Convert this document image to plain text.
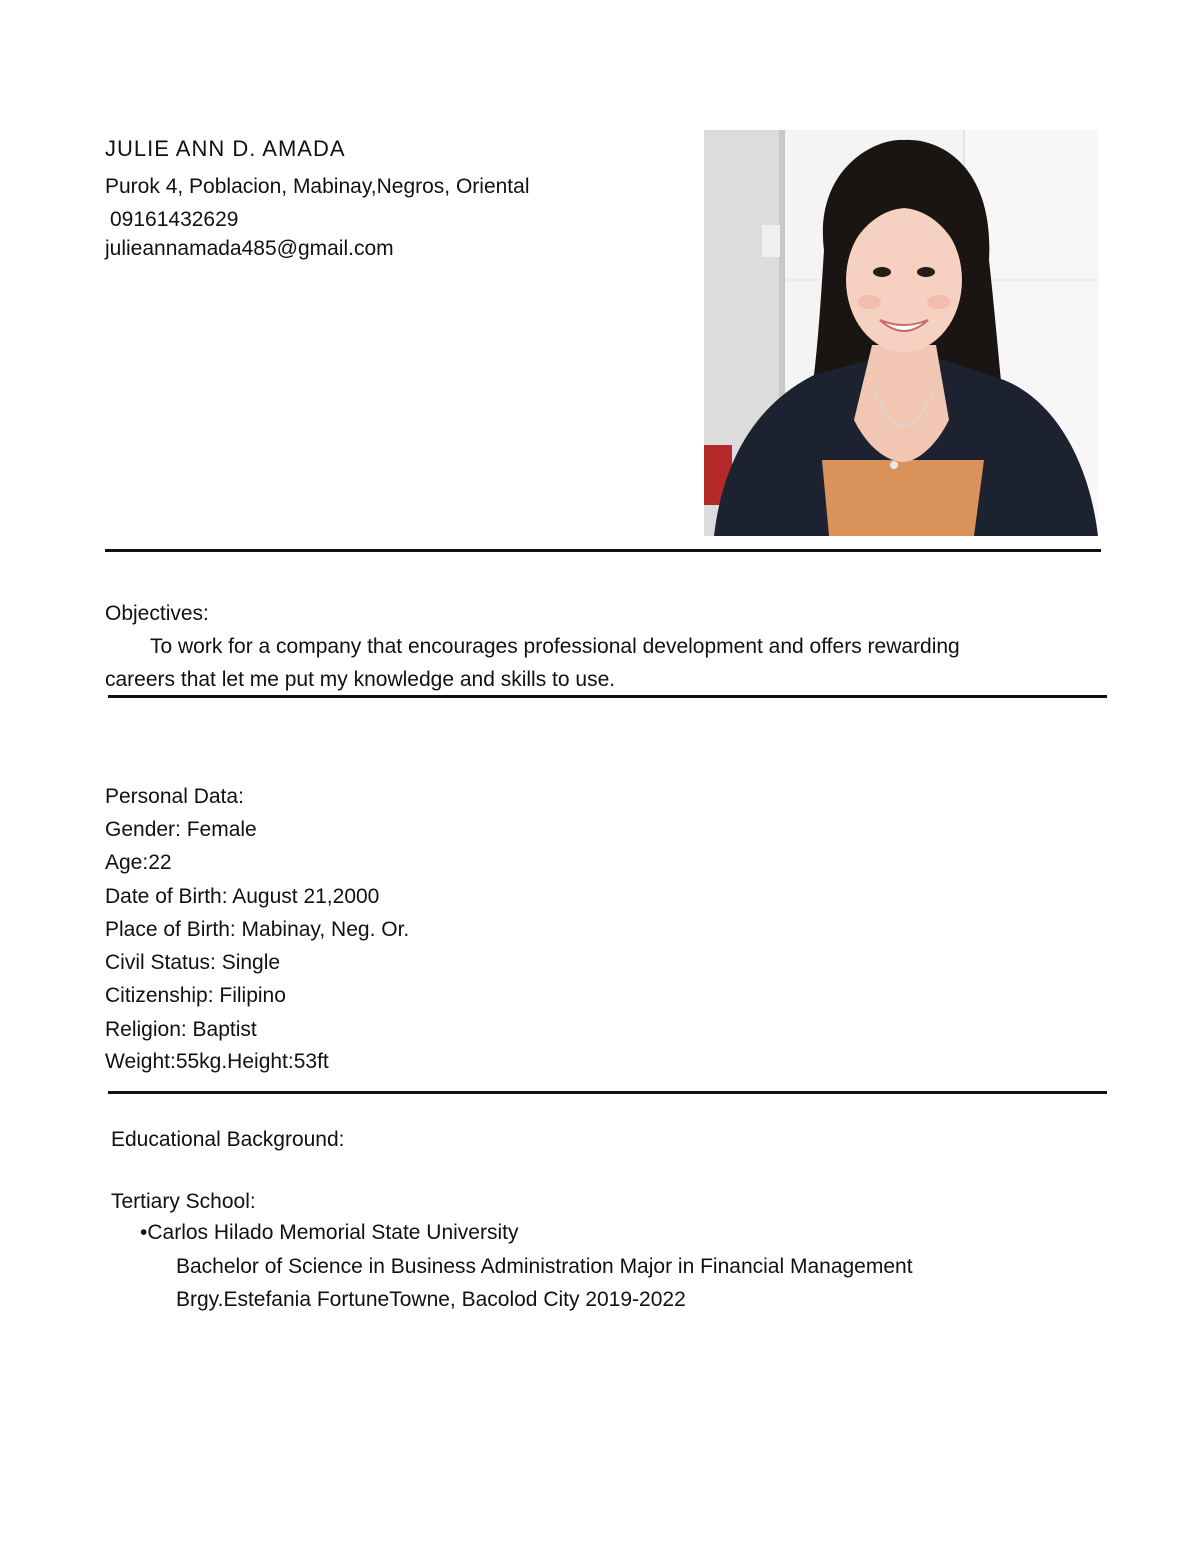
JULIE ANN D. AMADA
Purok 4, Poblacion, Mabinay,Negros, Oriental
09161432629
julieannamada485@gmail.com
Objectives:
To work for a company that encourages professional development and offers rewarding
careers that let me put my knowledge and skills to use.
Personal Data:
Gender: Female
Age:22
Date of Birth: August 21,2000
Place of Birth: Mabinay, Neg. Or.
Civil Status: Single
Citizenship: Filipino
Religion: Baptist
Weight:55kg.Height:53ft
Educational Background:
Tertiary School:
•Carlos Hilado Memorial State University
Bachelor of Science in Business Administration Major in Financial Management
Brgy.Estefania FortuneTowne, Bacolod City 2019-2022
